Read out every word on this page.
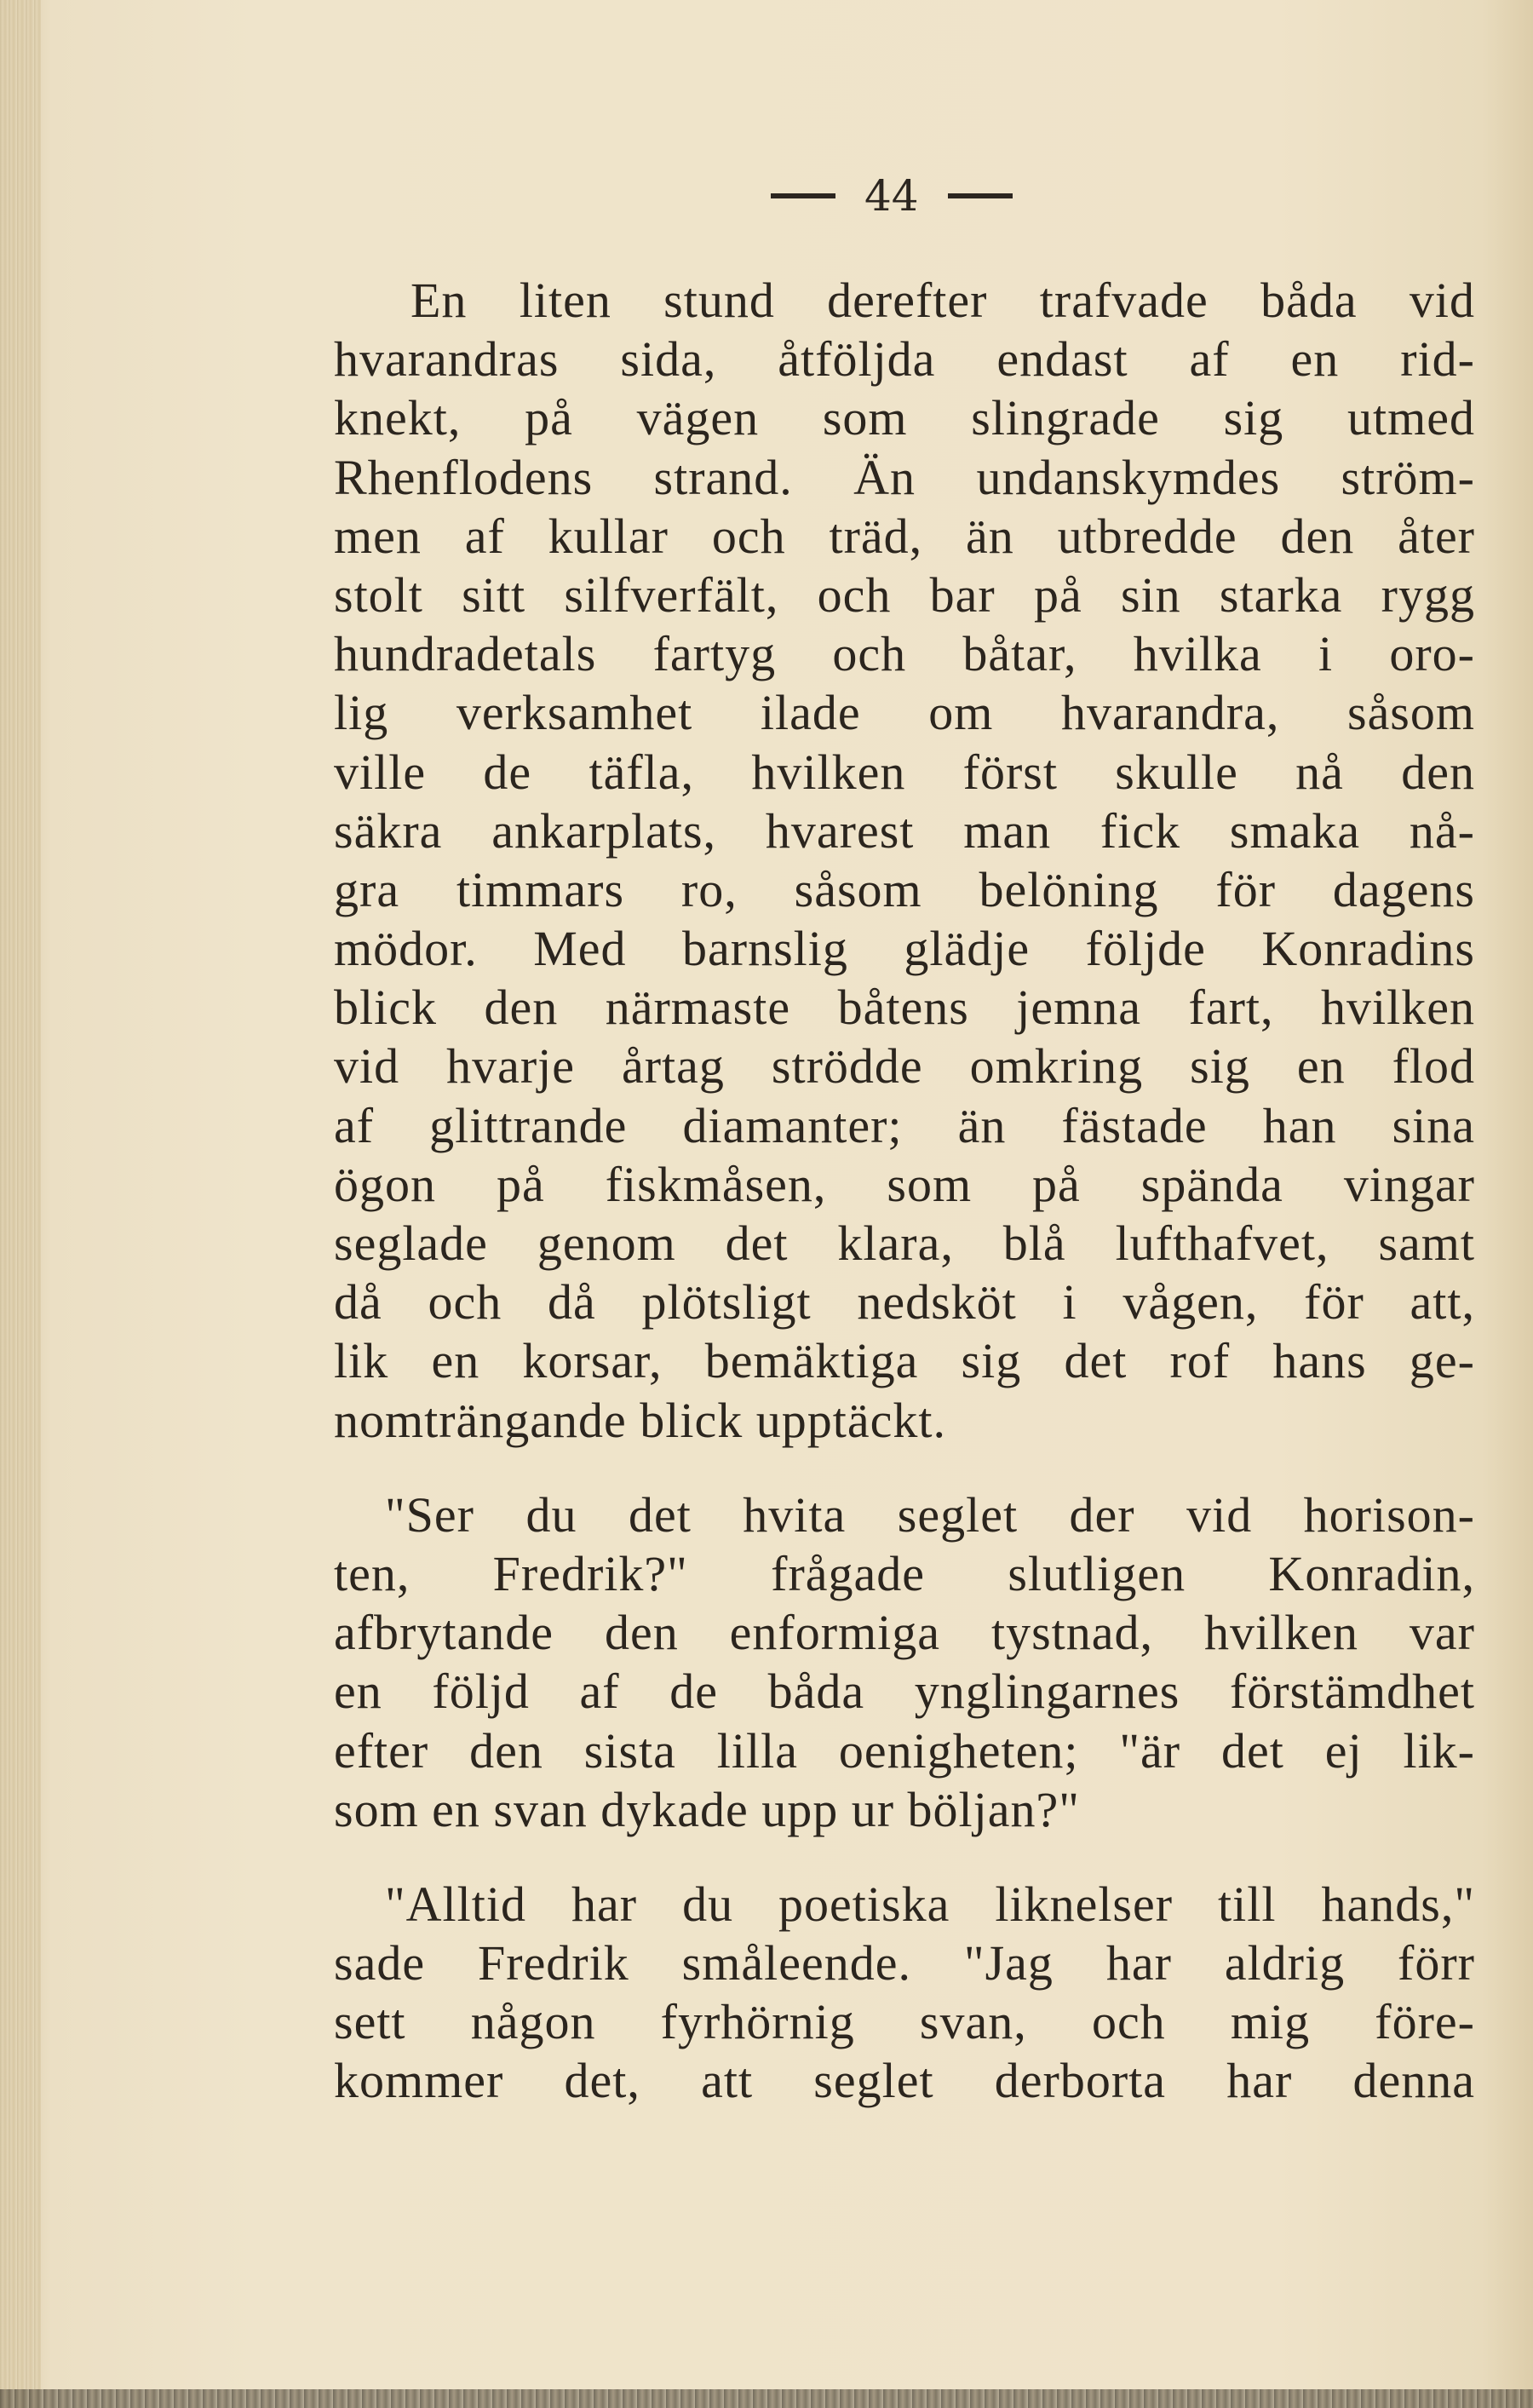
44
En liten stund derefter trafvade båda vid
hvarandras sida, åtföljda endast af en rid-
knekt, på vägen som slingrade sig utmed
Rhenflodens strand. Än undanskymdes ström-
men af kullar och träd, än utbredde den åter
stolt sitt silfverfält, och bar på sin starka rygg
hundradetals fartyg och båtar, hvilka i oro-
lig verksamhet ilade om hvarandra, såsom
ville de täfla, hvilken först skulle nå den
säkra ankarplats, hvarest man fick smaka nå-
gra timmars ro, såsom belöning för dagens
mödor. Med barnslig glädje följde Konradins
blick den närmaste båtens jemna fart, hvilken
vid hvarje årtag strödde omkring sig en flod
af glittrande diamanter; än fästade han sina
ögon på fiskmåsen, som på spända vingar
seglade genom det klara, blå lufthafvet, samt
då och då plötsligt nedsköt i vågen, för att,
lik en korsar, bemäktiga sig det rof hans ge-
nomträngande blick upptäckt.
"Ser du det hvita seglet der vid horison-
ten, Fredrik?" frågade slutligen Konradin,
afbrytande den enformiga tystnad, hvilken var
en följd af de båda ynglingarnes förstämdhet
efter den sista lilla oenigheten; "är det ej lik-
som en svan dykade upp ur böljan?"
"Alltid har du poetiska liknelser till hands,"
sade Fredrik småleende. "Jag har aldrig förr
sett någon fyrhörnig svan, och mig före-
kommer det, att seglet derborta har denna
